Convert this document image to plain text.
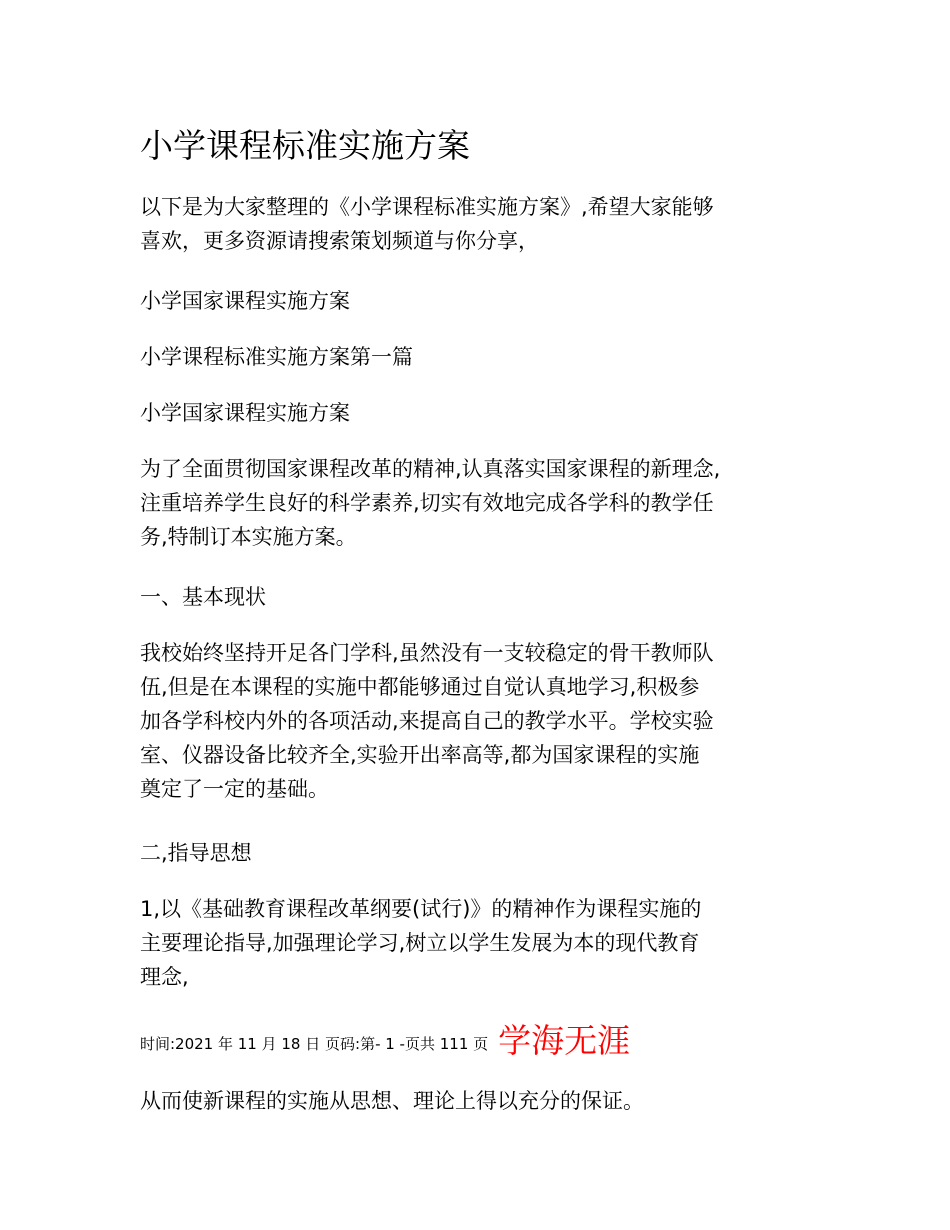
小学课程标准实施方案
以下是为大家整理的《小学课程标准实施方案》,希望大家能够
喜欢，更多资源请搜索策划频道与你分享，
小学国家课程实施方案
小学课程标准实施方案第一篇
小学国家课程实施方案
为了全面贯彻国家课程改革的精神,认真落实国家课程的新理念,
注重培养学生良好的科学素养,切实有效地完成各学科的教学任
务,特制订本实施方案。
一、基本现状
我校始终坚持开足各门学科,虽然没有一支较稳定的骨干教师队
伍,但是在本课程的实施中都能够通过自觉认真地学习,积极参
加各学科校内外的各项活动,来提高自己的教学水平。学校实验
室、仪器设备比较齐全,实验开出率高等,都为国家课程的实施
奠定了一定的基础。
二,指导思想
1,以《基础教育课程改革纲要(试行)》的精神作为课程实施的
主要理论指导,加强理论学习,树立以学生发展为本的现代教育
理念,
时间:2021 年 11 月 18 日 页码:第- 1 -页共 111 页 学海无涯
从而使新课程的实施从思想、理论上得以充分的保证。
